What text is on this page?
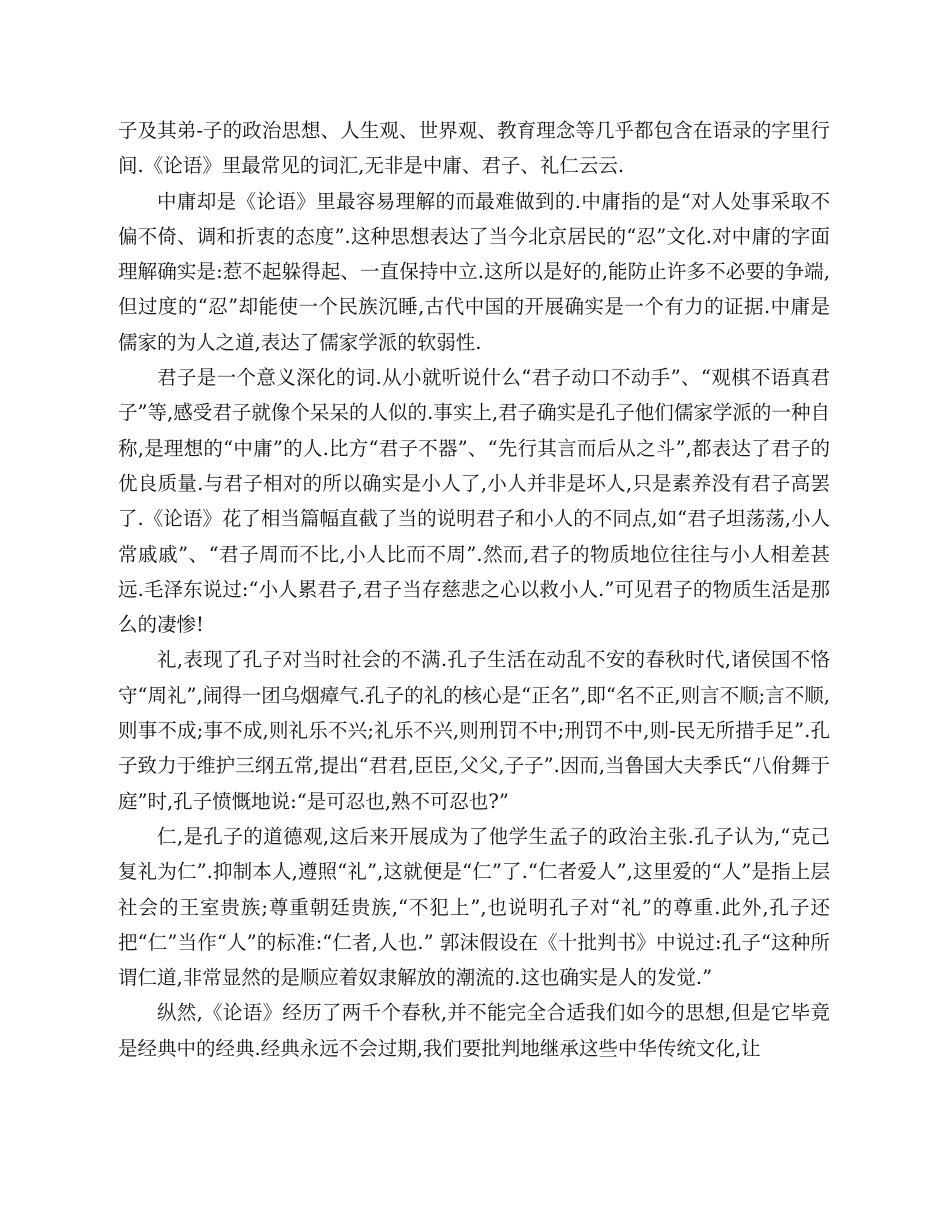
子及其弟-子的政治思想、人生观、世界观、教育理念等几乎都包含在语录的字里行间.《论语》里最常见的词汇,无非是中庸、君子、礼仁云云.

中庸却是《论语》里最容易理解的而最难做到的.中庸指的是“对人处事采取不偏不倚、调和折衷的态度”.这种思想表达了当今北京居民的“忍”文化.对中庸的字面理解确实是:惹不起躲得起、一直保持中立.这所以是好的,能防止许多不必要的争端,但过度的“忍”却能使一个民族沉睡,古代中国的开展确实是一个有力的证据.中庸是儒家的为人之道,表达了儒家学派的软弱性.

君子是一个意义深化的词.从小就听说什么“君子动口不动手”、“观棋不语真君子”等,感受君子就像个呆呆的人似的.事实上,君子确实是孔子他们儒家学派的一种自称,是理想的“中庸”的人.比方“君子不器”、“先行其言而后从之斗”,都表达了君子的优良质量.与君子相对的所以确实是小人了,小人并非是坏人,只是素养没有君子高罢了.《论语》花了相当篇幅直截了当的说明君子和小人的不同点,如“君子坦荡荡,小人常戚戚”、“君子周而不比,小人比而不周”.然而,君子的物质地位往往与小人相差甚远.毛泽东说过:“小人累君子,君子当存慈悲之心以救小人.”可见君子的物质生活是那么的凄惨!

礼,表现了孔子对当时社会的不满.孔子生活在动乱不安的春秋时代,诸侯国不恪守“周礼”,闹得一团乌烟瘴气.孔子的礼的核心是“正名”,即“名不正,则言不顺;言不顺,则事不成;事不成,则礼乐不兴;礼乐不兴,则刑罚不中;刑罚不中,则-民无所措手足”.孔子致力于维护三纲五常,提出“君君,臣臣,父父,子子”.因而,当鲁国大夫季氏“八佾舞于庭”时,孔子愤慨地说:“是可忍也,熟不可忍也?”

仁,是孔子的道德观,这后来开展成为了他学生孟子的政治主张.孔子认为,“克己复礼为仁”.抑制本人,遵照“礼”,这就便是“仁”了.“仁者爱人”,这里爱的“人”是指上层社会的王室贵族;尊重朝廷贵族,“不犯上”,也说明孔子对“礼”的尊重.此外,孔子还把“仁”当作“人”的标准:“仁者,人也.” 郭沫假设在《十批判书》中说过:孔子“这种所谓仁道,非常显然的是顺应着奴隶解放的潮流的.这也确实是人的发觉.”

纵然,《论语》经历了两千个春秋,并不能完全合适我们如今的思想,但是它毕竟是经典中的经典.经典永远不会过期,我们要批判地继承这些中华传统文化,让
